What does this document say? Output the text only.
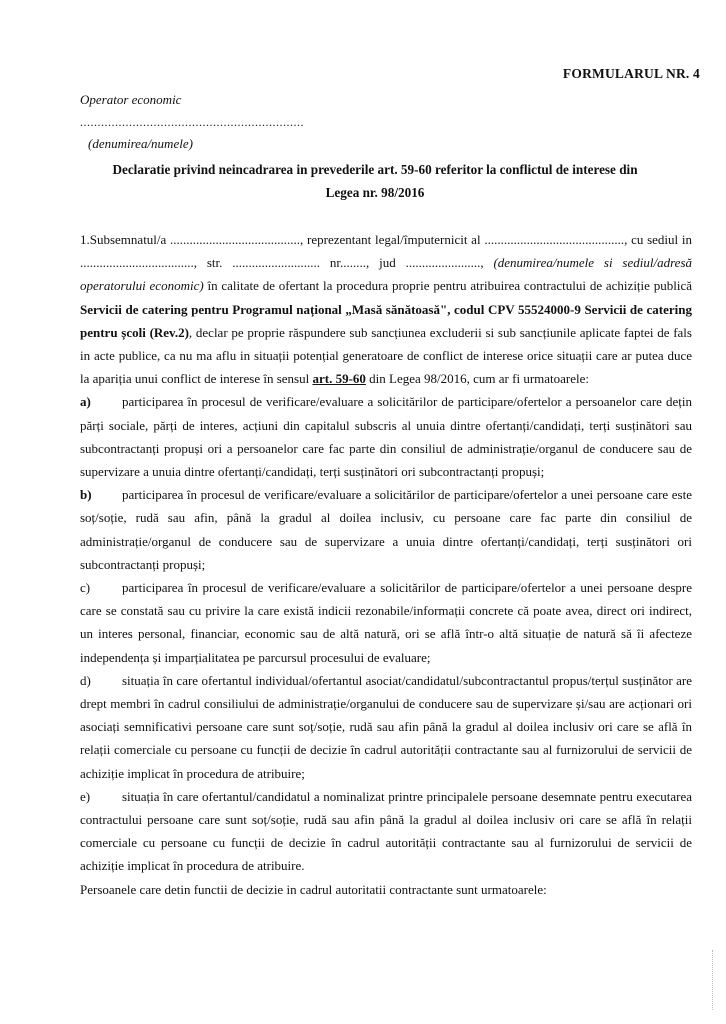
FORMULARUL NR. 4
Operator economic
................................................................
(denumirea/numele)
Declaratie privind neincadrarea in prevederile art. 59-60 referitor la conflictul de interese din
Legea nr. 98/2016

1.Subsemnatul/a ........................................, reprezentant legal/împuternicit al ..........................................., cu sediul in ..................................., str. ........................... nr........, jud ......................., (denumirea/numele si sediul/adresă operatorului economic) în calitate de ofertant la procedura proprie pentru atribuirea contractului de achiziție publică Servicii de catering pentru Programul național „Masă sănătoasă", codul CPV 55524000-9 Servicii de catering pentru școli (Rev.2), declar pe proprie răspundere sub sancțiunea excluderii si sub sancțiunile aplicate faptei de fals in acte publice, ca nu ma aflu in situații potențial generatoare de conflict de interese orice situații care ar putea duce la apariția unui conflict de interese în sensul art. 59-60 din Legea 98/2016, cum ar fi urmatoarele:

a) participarea în procesul de verificare/evaluare a solicitărilor de participare/ofertelor a persoanelor care dețin părți sociale, părți de interes, acțiuni din capitalul subscris al unuia dintre ofertanți/candidați, terți susținători sau subcontractanți propuși ori a persoanelor care fac parte din consiliul de administrație/organul de conducere sau de supervizare a unuia dintre ofertanți/candidați, terți susținători ori subcontractanți propuși;

b) participarea în procesul de verificare/evaluare a solicitărilor de participare/ofertelor a unei persoane care este soț/soție, rudă sau afin, până la gradul al doilea inclusiv, cu persoane care fac parte din consiliul de administrație/organul de conducere sau de supervizare a unuia dintre ofertanți/candidați, terți susținători ori subcontractanți propuși;

c) participarea în procesul de verificare/evaluare a solicitărilor de participare/ofertelor a unei persoane despre care se constată sau cu privire la care există indicii rezonabile/informații concrete că poate avea, direct ori indirect, un interes personal, financiar, economic sau de altă natură, ori se află într-o altă situație de natură să îi afecteze independența și imparțialitatea pe parcursul procesului de evaluare;

d) situația în care ofertantul individual/ofertantul asociat/candidatul/subcontractantul propus/terțul susținător are drept membri în cadrul consiliului de administrație/organului de conducere sau de supervizare și/sau are acționari ori asociați semnificativi persoane care sunt soț/soție, rudă sau afin până la gradul al doilea inclusiv ori care se află în relații comerciale cu persoane cu funcții de decizie în cadrul autorității contractante sau al furnizorului de servicii de achiziție implicat în procedura de atribuire;

e) situația în care ofertantul/candidatul a nominalizat printre principalele persoane desemnate pentru executarea contractului persoane care sunt soț/soție, rudă sau afin până la gradul al doilea inclusiv ori care se află în relații comerciale cu persoane cu funcții de decizie în cadrul autorității contractante sau al furnizorului de servicii de achiziție implicat în procedura de atribuire.

Persoanele care detin functii de decizie in cadrul autoritatii contractante sunt urmatoarele:
